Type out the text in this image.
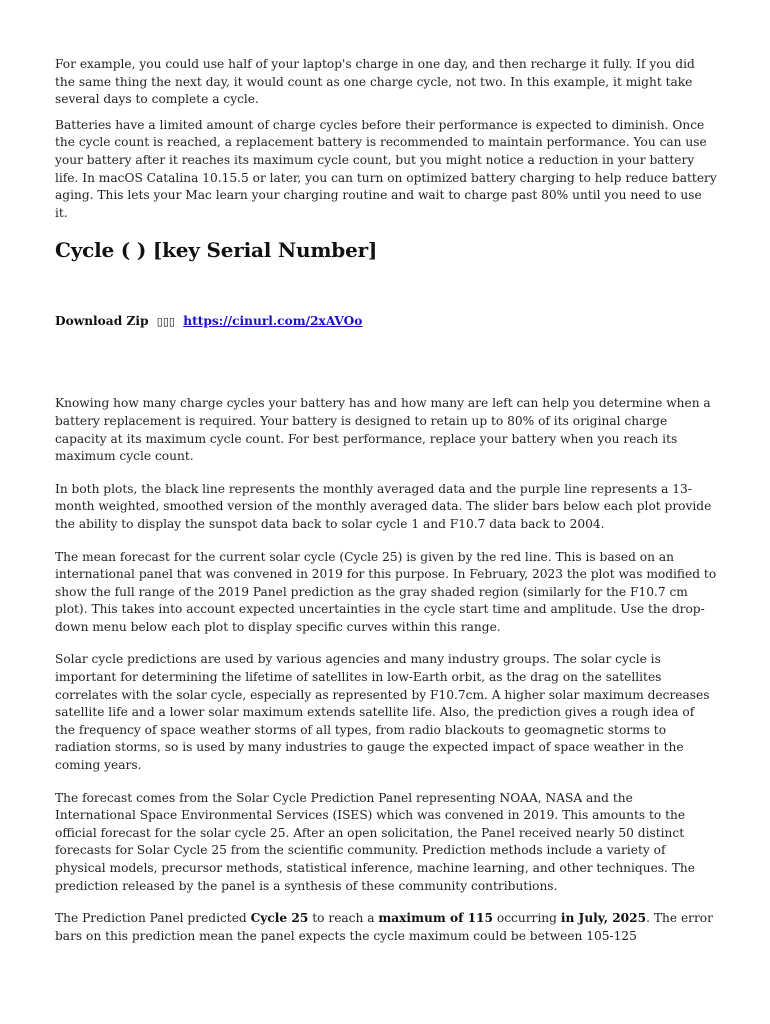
For example, you could use half of your laptop's charge in one day, and then recharge it fully. If you did the same thing the next day, it would count as one charge cycle, not two. In this example, it might take several days to complete a cycle.

Batteries have a limited amount of charge cycles before their performance is expected to diminish. Once the cycle count is reached, a replacement battery is recommended to maintain performance. You can use your battery after it reaches its maximum cycle count, but you might notice a reduction in your battery life. In macOS Catalina 10.15.5 or later, you can turn on optimized battery charging to help reduce battery aging. This lets your Mac learn your charging routine and wait to charge past 80% until you need to use it.

Cycle ( ) [key Serial Number]
Download Zip ▯▯▯ https://cinurl.com/2xAVOo

Knowing how many charge cycles your battery has and how many are left can help you determine when a battery replacement is required. Your battery is designed to retain up to 80% of its original charge capacity at its maximum cycle count. For best performance, replace your battery when you reach its maximum cycle count.

In both plots, the black line represents the monthly averaged data and the purple line represents a 13-month weighted, smoothed version of the monthly averaged data. The slider bars below each plot provide the ability to display the sunspot data back to solar cycle 1 and F10.7 data back to 2004.

The mean forecast for the current solar cycle (Cycle 25) is given by the red line. This is based on an international panel that was convened in 2019 for this purpose. In February, 2023 the plot was modified to show the full range of the 2019 Panel prediction as the gray shaded region (similarly for the F10.7 cm plot). This takes into account expected uncertainties in the cycle start time and amplitude. Use the drop-down menu below each plot to display specific curves within this range.

Solar cycle predictions are used by various agencies and many industry groups. The solar cycle is important for determining the lifetime of satellites in low-Earth orbit, as the drag on the satellites correlates with the solar cycle, especially as represented by F10.7cm. A higher solar maximum decreases satellite life and a lower solar maximum extends satellite life. Also, the prediction gives a rough idea of the frequency of space weather storms of all types, from radio blackouts to geomagnetic storms to radiation storms, so is used by many industries to gauge the expected impact of space weather in the coming years.

The forecast comes from the Solar Cycle Prediction Panel representing NOAA, NASA and the International Space Environmental Services (ISES) which was convened in 2019. This amounts to the official forecast for the solar cycle 25. After an open solicitation, the Panel received nearly 50 distinct forecasts for Solar Cycle 25 from the scientific community. Prediction methods include a variety of physical models, precursor methods, statistical inference, machine learning, and other techniques. The prediction released by the panel is a synthesis of these community contributions.

The Prediction Panel predicted Cycle 25 to reach a maximum of 115 occurring in July, 2025. The error bars on this prediction mean the panel expects the cycle maximum could be between 105-125
